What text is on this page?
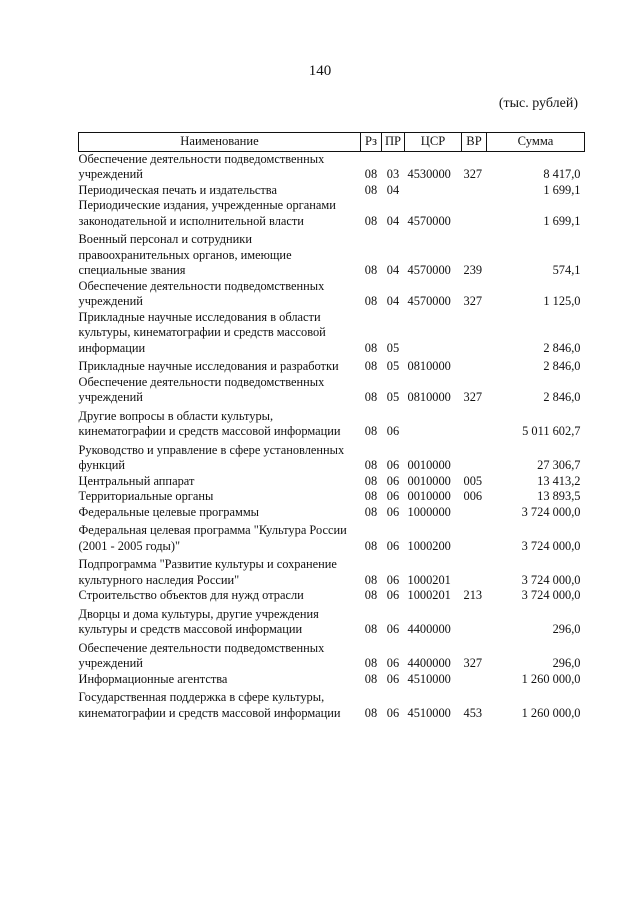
140
(тыс. рублей)
Наименование	Рз	ПР	ЦСР	ВР	Сумма
Обеспечение деятельности подведомственных учреждений	08	03	4530000	327	8 417,0
Периодическая печать и издательства	08	04			1 699,1
Периодические издания, учрежденные органами законодательной и исполнительной власти	08	04	4570000		1 699,1
Военный персонал и сотрудники правоохранительных органов, имеющие специальные звания	08	04	4570000	239	574,1
Обеспечение деятельности подведомственных учреждений	08	04	4570000	327	1 125,0
Прикладные научные исследования в области культуры, кинематографии и средств массовой информации	08	05			2 846,0
Прикладные научные исследования и разработки	08	05	0810000		2 846,0
Обеспечение деятельности подведомственных учреждений	08	05	0810000	327	2 846,0
Другие вопросы в области культуры, кинематографии и средств массовой информации	08	06			5 011 602,7
Руководство и управление в сфере установленных функций	08	06	0010000		27 306,7
Центральный аппарат	08	06	0010000	005	13 413,2
Территориальные органы	08	06	0010000	006	13 893,5
Федеральные целевые программы	08	06	1000000		3 724 000,0
Федеральная целевая программа "Культура России (2001 - 2005 годы)"	08	06	1000200		3 724 000,0
Подпрограмма "Развитие культуры и сохранение культурного наследия России"	08	06	1000201		3 724 000,0
Строительство объектов для нужд отрасли	08	06	1000201	213	3 724 000,0
Дворцы и дома культуры, другие учреждения культуры и средств массовой информации	08	06	4400000		296,0
Обеспечение деятельности подведомственных учреждений	08	06	4400000	327	296,0
Информационные агентства	08	06	4510000		1 260 000,0
Государственная поддержка в сфере культуры, кинематографии и средств массовой информации	08	06	4510000	453	1 260 000,0
